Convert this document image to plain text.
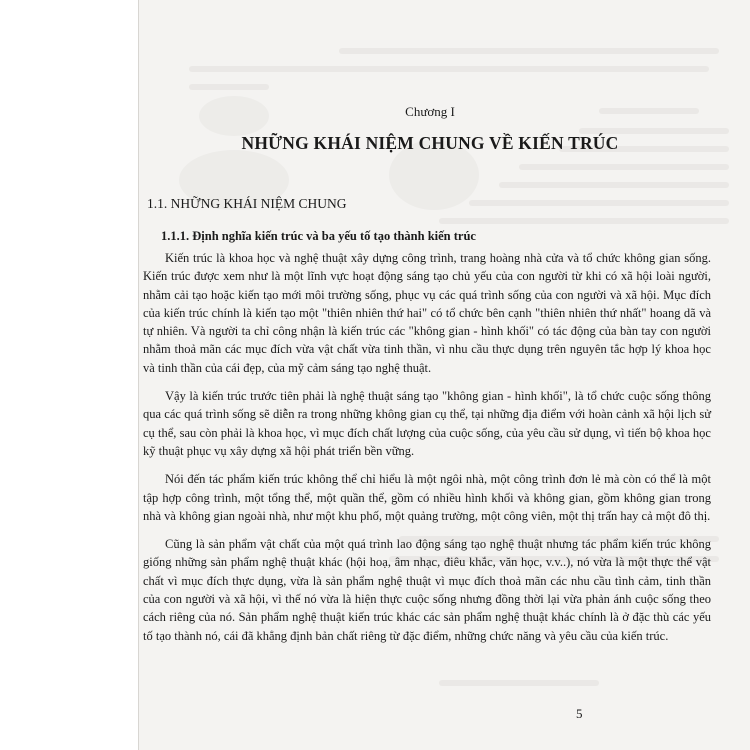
Chương I
NHỮNG KHÁI NIỆM CHUNG VỀ KIẾN TRÚC
1.1. NHỮNG KHÁI NIỆM CHUNG
1.1.1. Định nghĩa kiến trúc và ba yếu tố tạo thành kiến trúc

Kiến trúc là khoa học và nghệ thuật xây dựng công trình, trang hoàng nhà cửa và tổ chức không gian sống. Kiến trúc được xem như là một lĩnh vực hoạt động sáng tạo chủ yếu của con người từ khi có xã hội loài người, nhằm cải tạo hoặc kiến tạo mới môi trường sống, phục vụ các quá trình sống của con người và xã hội. Mục đích của kiến trúc chính là kiến tạo một "thiên nhiên thứ hai" có tổ chức bên cạnh "thiên nhiên thứ nhất" hoang dã và tự nhiên. Và người ta chỉ công nhận là kiến trúc các "không gian - hình khối" có tác động của bàn tay con người nhằm thoả mãn các mục đích vừa vật chất vừa tinh thần, vì nhu cầu thực dụng trên nguyên tắc hợp lý khoa học và tinh thần của cái đẹp, của mỹ cảm sáng tạo nghệ thuật.

Vậy là kiến trúc trước tiên phải là nghệ thuật sáng tạo "không gian - hình khối", là tổ chức cuộc sống thông qua các quá trình sống sẽ diễn ra trong những không gian cụ thể, tại những địa điểm với hoàn cảnh xã hội lịch sử cụ thể, sau còn phải là khoa học, vì mục đích chất lượng của cuộc sống, của yêu cầu sử dụng, vì tiến bộ khoa học kỹ thuật phục vụ xây dựng xã hội phát triển bền vững.

Nói đến tác phẩm kiến trúc không thể chỉ hiểu là một ngôi nhà, một công trình đơn lẻ mà còn có thể là một tập hợp công trình, một tổng thể, một quần thể, gồm có nhiều hình khối và không gian, gồm không gian trong nhà và không gian ngoài nhà, như một khu phố, một quảng trường, một công viên, một thị trấn hay cả một đô thị.

Cũng là sản phẩm vật chất của một quá trình lao động sáng tạo nghệ thuật nhưng tác phẩm kiến trúc không giống những sản phẩm nghệ thuật khác (hội hoạ, âm nhạc, điêu khắc, văn học, v.v..), nó vừa là một thực thể vật chất vì mục đích thực dụng, vừa là sản phẩm nghệ thuật vì mục đích thoả mãn các nhu cầu tình cảm, tinh thần của con người và xã hội, vì thế nó vừa là hiện thực cuộc sống nhưng đồng thời lại vừa phản ánh cuộc sống theo cách riêng của nó. Sản phẩm nghệ thuật kiến trúc khác các sản phẩm nghệ thuật khác chính là ở đặc thù các yếu tố tạo thành nó, cái đã khẳng định bản chất riêng từ đặc điểm, những chức năng và yêu cầu của kiến trúc.

5
